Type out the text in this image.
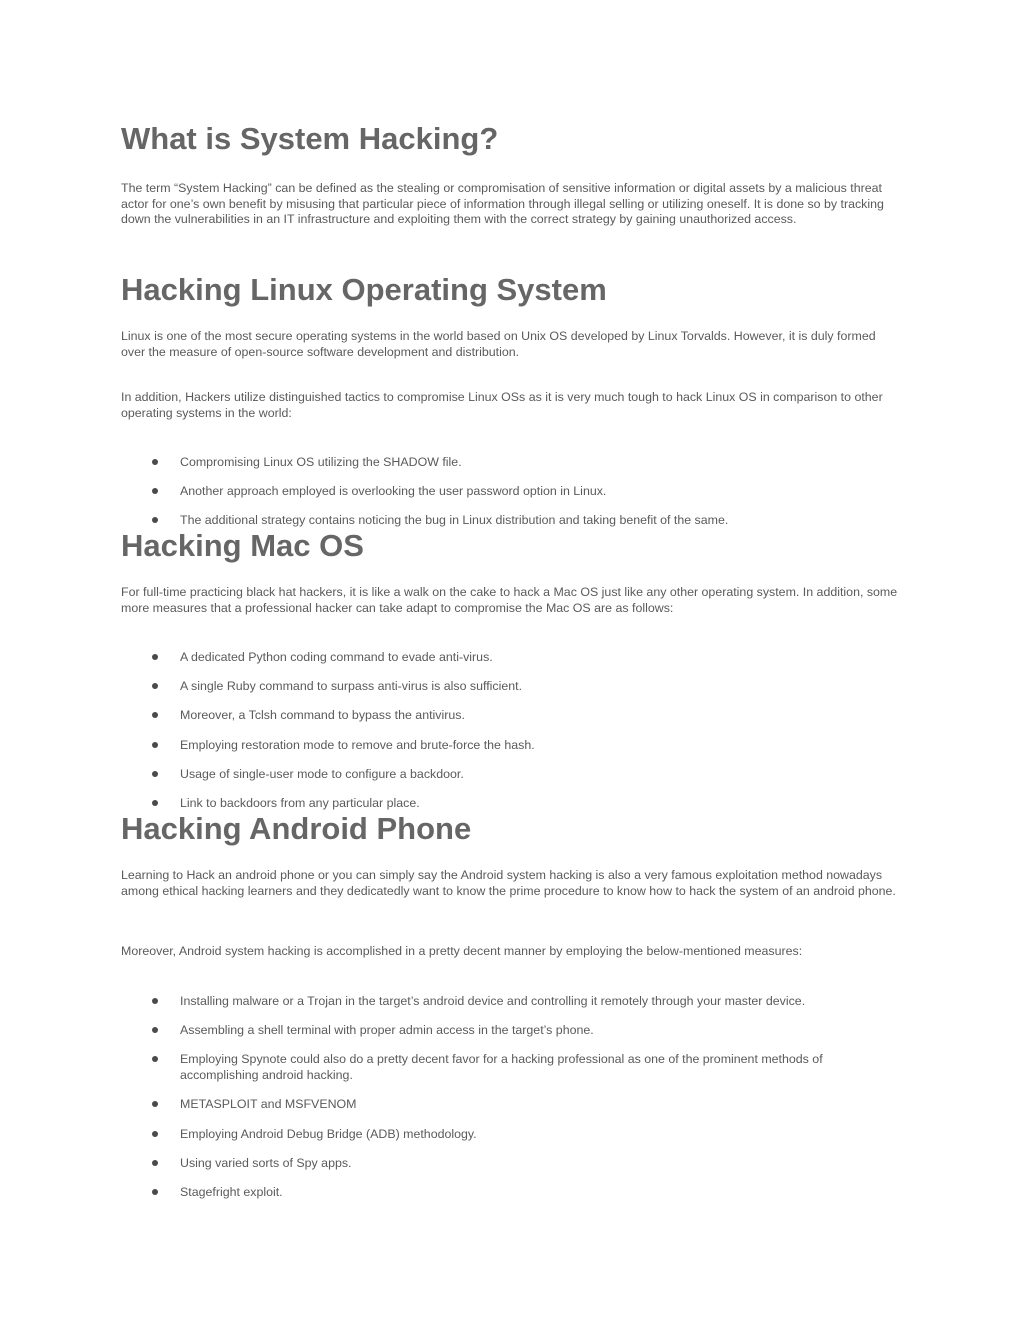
What is System Hacking?

The term “System Hacking” can be defined as the stealing or compromisation of sensitive information or digital assets by a malicious threat actor for one’s own benefit by misusing that particular piece of information through illegal selling or utilizing oneself. It is done so by tracking down the vulnerabilities in an IT infrastructure and exploiting them with the correct strategy by gaining unauthorized access.

Hacking Linux Operating System

Linux is one of the most secure operating systems in the world based on Unix OS developed by Linux Torvalds. However, it is duly formed over the measure of open-source software development and distribution.

In addition, Hackers utilize distinguished tactics to compromise Linux OSs as it is very much tough to hack Linux OS in comparison to other operating systems in the world:

Compromising Linux OS utilizing the SHADOW file.
Another approach employed is overlooking the user password option in Linux.
The additional strategy contains noticing the bug in Linux distribution and taking benefit of the same.
Hacking Mac OS

For full-time practicing black hat hackers, it is like a walk on the cake to hack a Mac OS just like any other operating system. In addition, some more measures that a professional hacker can take adapt to compromise the Mac OS are as follows:

A dedicated Python coding command to evade anti-virus.
A single Ruby command to surpass anti-virus is also sufficient.
Moreover, a Tclsh command to bypass the antivirus.
Employing restoration mode to remove and brute-force the hash.
Usage of single-user mode to configure a backdoor.
Link to backdoors from any particular place.
Hacking Android Phone

Learning to Hack an android phone or you can simply say the Android system hacking is also a very famous exploitation method nowadays among ethical hacking learners and they dedicatedly want to know the prime procedure to know how to hack the system of an android phone.

Moreover, Android system hacking is accomplished in a pretty decent manner by employing the below-mentioned measures:

Installing malware or a Trojan in the target’s android device and controlling it remotely through your master device.
Assembling a shell terminal with proper admin access in the target’s phone.
Employing Spynote could also do a pretty decent favor for a hacking professional as one of the prominent methods of accomplishing android hacking.
METASPLOIT and MSFVENOM
Employing Android Debug Bridge (ADB) methodology.
Using varied sorts of Spy apps.
Stagefright exploit.
